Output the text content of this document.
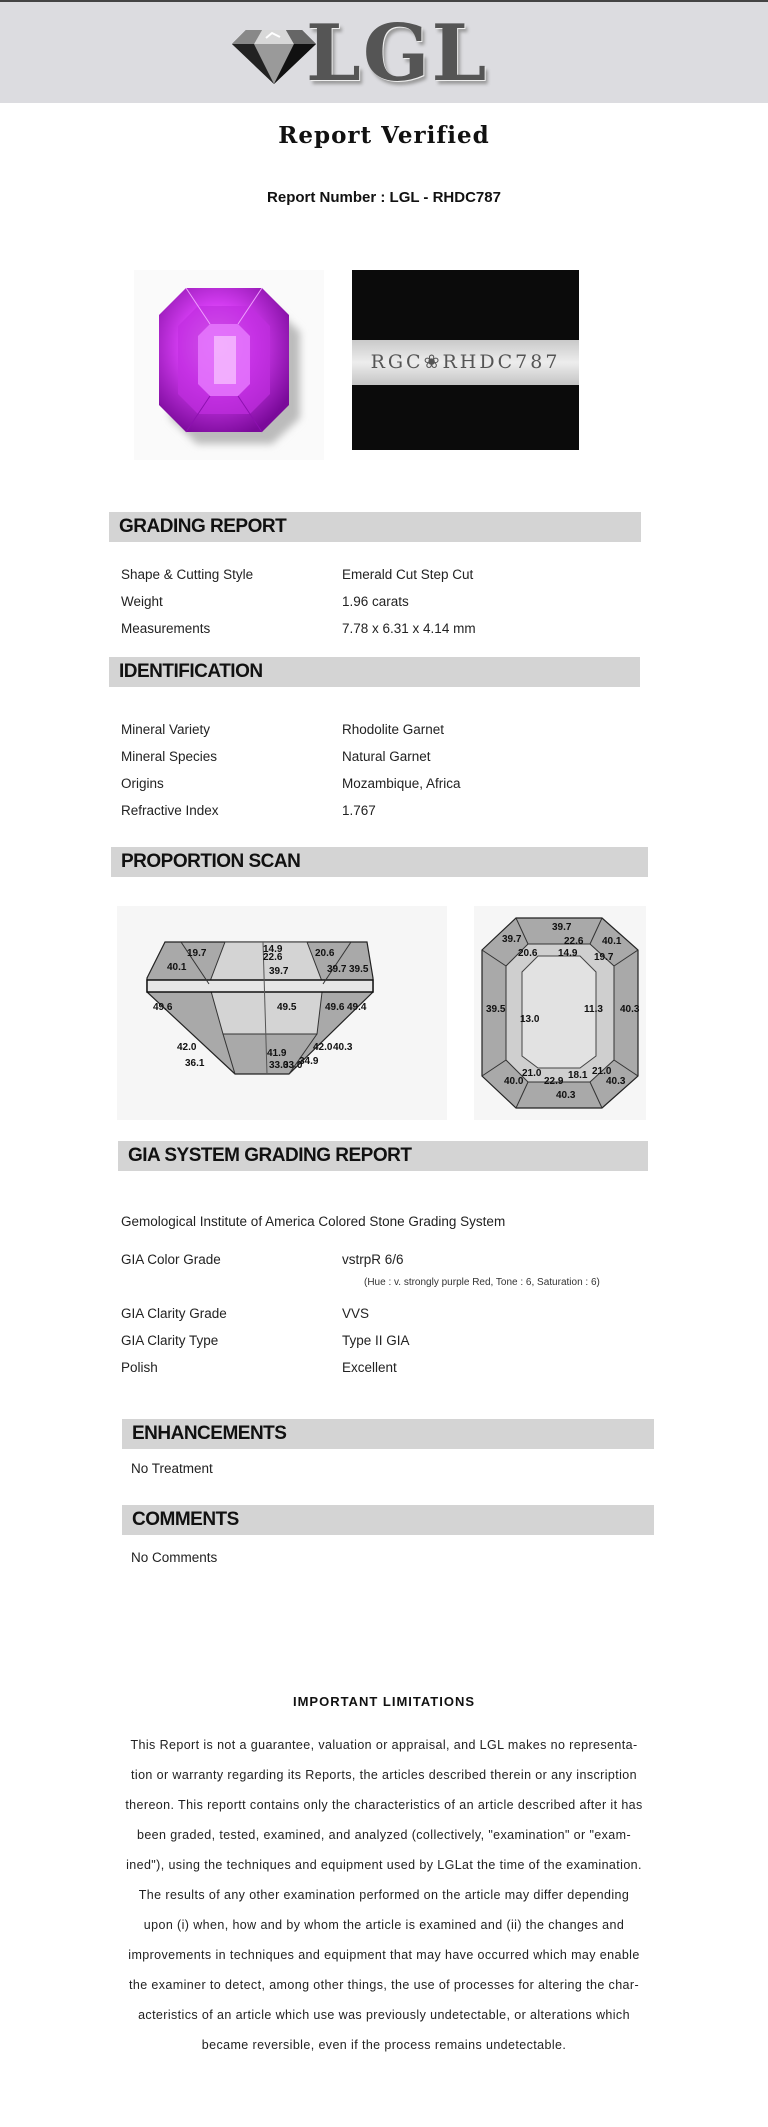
LGL
Report Verified
Report Number : LGL - RHDC787
RGC❀RHDC787
GRADING REPORT
Shape & Cutting Style	Emerald Cut Step Cut
Weight	1.96 carats
Measurements	7.78 x 6.31 x 4.14 mm
IDENTIFICATION
Mineral Variety	Rhodolite Garnet
Mineral Species	Natural Garnet
Origins	Mozambique, Africa
Refractive Index	1.767
PROPORTION SCAN
19.7	14.9
22.6	20.6
40.1	39.7	39.7 39.5
49.6	49.5	49.6 49.4
42.0
41.9
42.0 40.3
36.1	33.0
33.0
34.9
39.7
39.7
22.6 40.1
20.6 14.9 19.7
39.5
13.0
11.3 40.3
21.0
22.9
18.1 21.0
40.0
40.3
40.3
GIA SYSTEM GRADING REPORT
Gemological Institute of America Colored Stone Grading System
GIA Color Grade	vstrpR 6/6
(Hue : v. strongly purple Red, Tone : 6, Saturation : 6)
GIA Clarity Grade	VVS
GIA Clarity Type	Type II GIA
Polish	Excellent
ENHANCEMENTS
No Treatment
COMMENTS
No Comments
IMPORTANT LIMITATIONS
This Report is not a guarantee, valuation or appraisal, and LGL makes no representa-
tion or warranty regarding its Reports, the articles described therein or any inscription
thereon. This reportt contains only the characteristics of an article described after it has
been graded, tested, examined, and analyzed (collectively, "examination" or "exam-
ined"), using the techniques and equipment used by LGLat the time of the examination.
The results of any other examination performed on the article may differ depending
upon (i) when, how and by whom the article is examined and (ii) the changes and
improvements in techniques and equipment that may have occurred which may enable
the examiner to detect, among other things, the use of processes for altering the char-
acteristics of an article which use was previously undetectable, or alterations which
became reversible, even if the process remains undetectable.
